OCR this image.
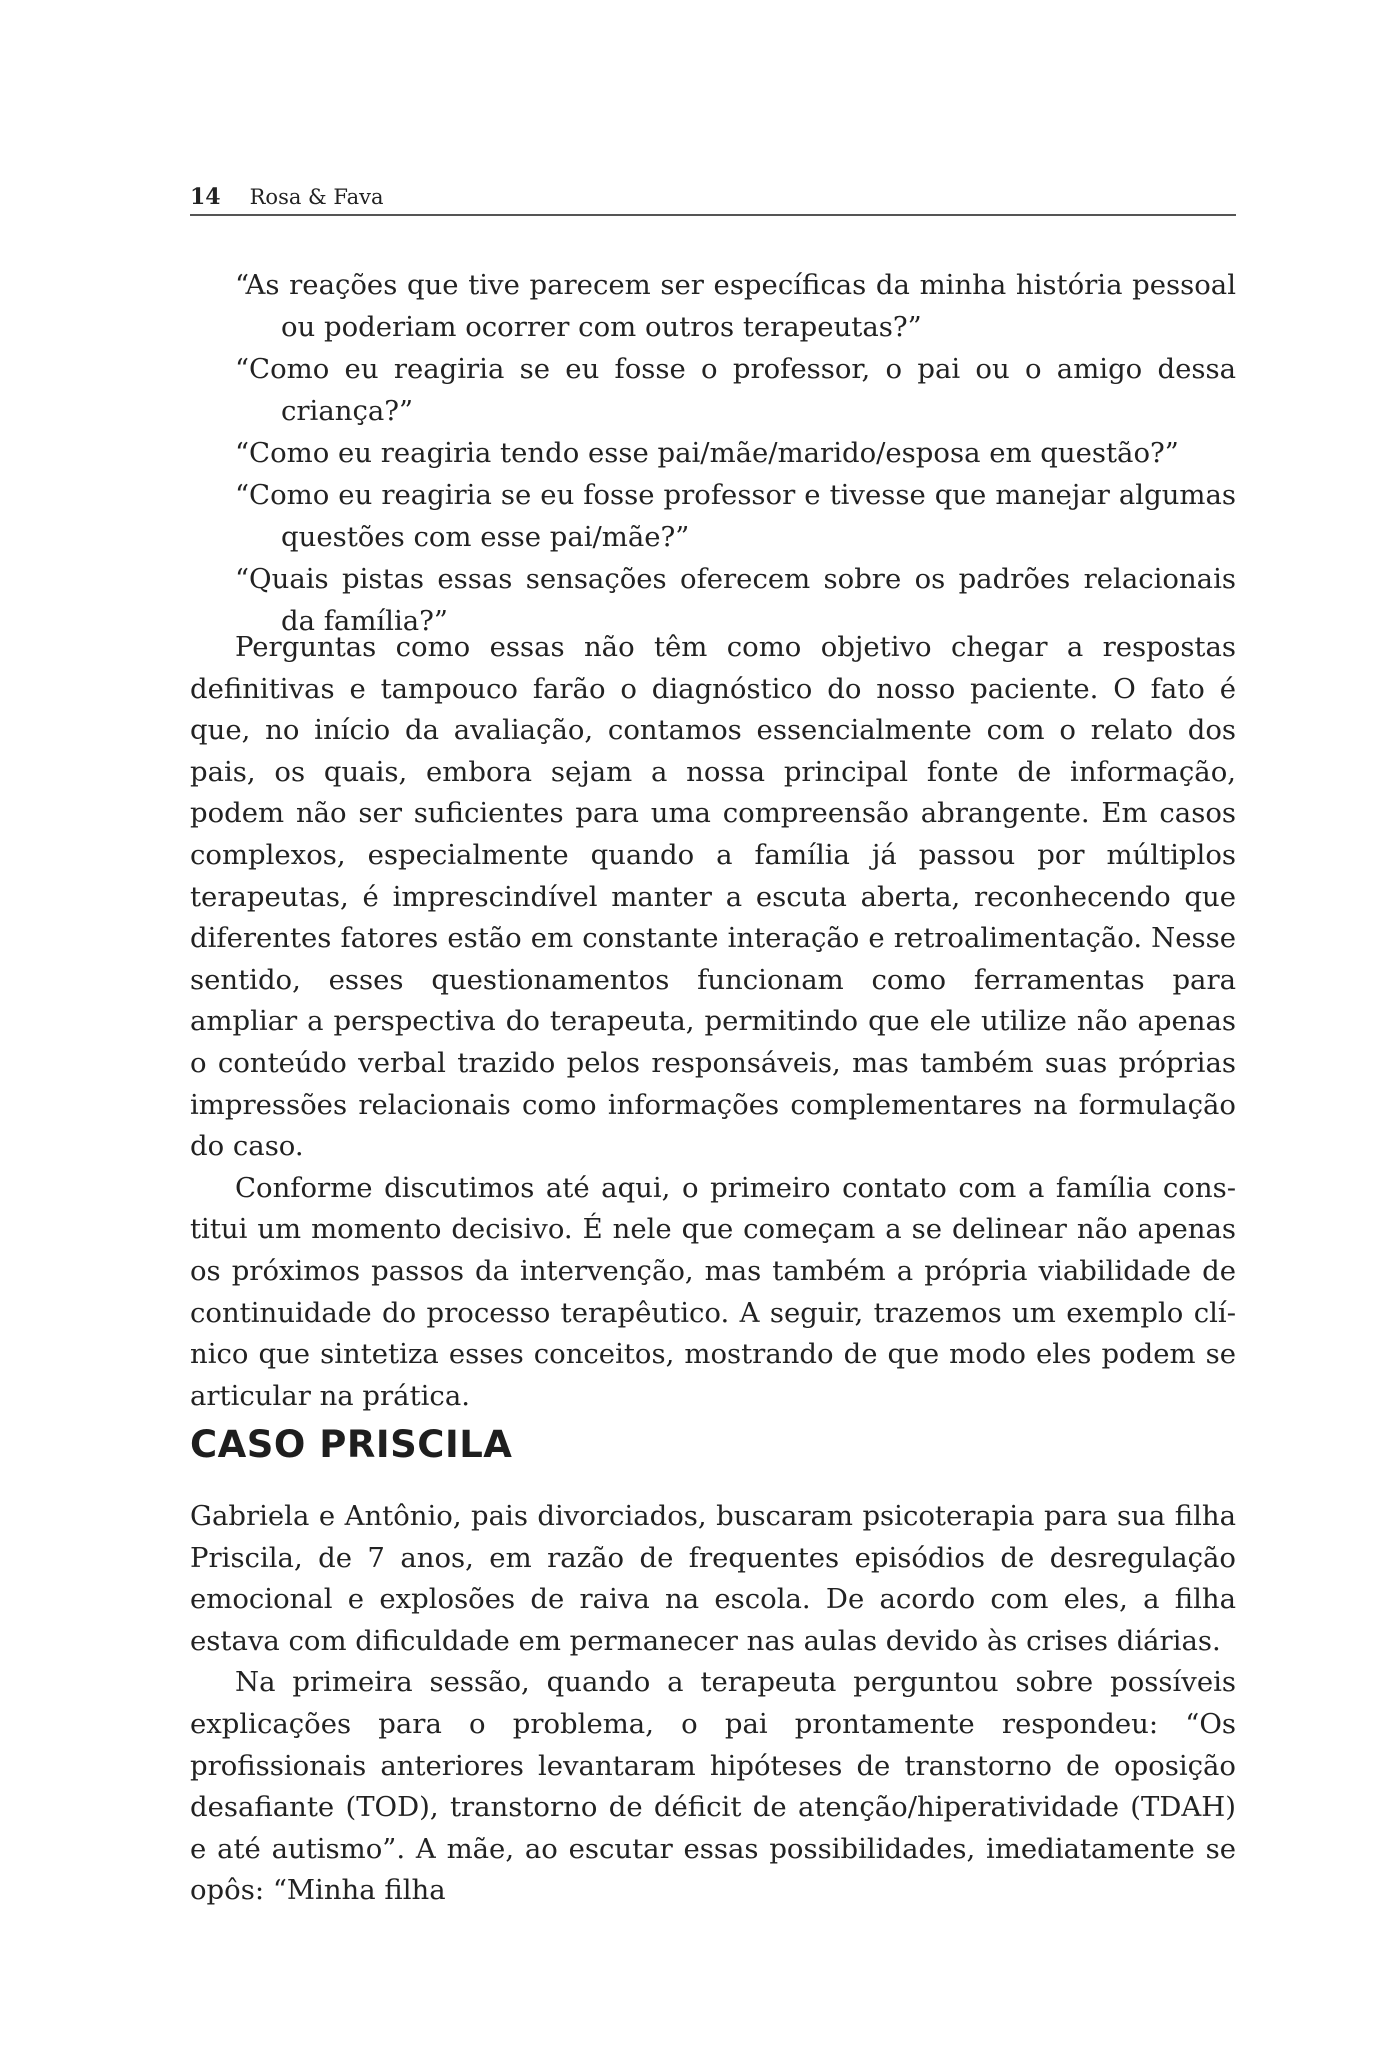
14 Rosa & Fava
“As reações que tive parecem ser específicas da minha história pessoal ou poderiam ocorrer com outros terapeutas?”
“Como eu reagiria se eu fosse o professor, o pai ou o amigo dessa criança?”
“Como eu reagiria tendo esse pai/mãe/marido/esposa em questão?”
“Como eu reagiria se eu fosse professor e tivesse que manejar algumas questões com esse pai/mãe?”
“Quais pistas essas sensações oferecem sobre os padrões relacionais da família?”

Perguntas como essas não têm como objetivo chegar a respostas definitivas e tampouco farão o diagnóstico do nosso paciente. O fato é que, no início da avaliação, contamos essencialmente com o relato dos pais, os quais, embora sejam a nossa principal fonte de informação, podem não ser suficientes para uma compreensão abrangente. Em casos complexos, especialmente quando a família já passou por múltiplos terapeutas, é imprescindível manter a escuta aberta, reconhecendo que diferentes fatores estão em constante interação e retroalimentação. Nesse sentido, esses questionamentos funcionam como ferramentas para ampliar a perspectiva do terapeuta, permitindo que ele utilize não apenas o conteúdo verbal trazido pelos responsáveis, mas também suas próprias impressões relacionais como informações complementares na formulação do caso.

Conforme discutimos até aqui, o primeiro contato com a família constitui um momento decisivo. É nele que começam a se delinear não apenas os próximos passos da intervenção, mas também a própria viabilidade de continuidade do processo terapêutico. A seguir, trazemos um exemplo clínico que sintetiza esses conceitos, mostrando de que modo eles podem se articular na prática.

CASO PRISCILA

Gabriela e Antônio, pais divorciados, buscaram psicoterapia para sua filha Priscila, de 7 anos, em razão de frequentes episódios de desregulação emocional e explosões de raiva na escola. De acordo com eles, a filha estava com dificuldade em permanecer nas aulas devido às crises diárias.

Na primeira sessão, quando a terapeuta perguntou sobre possíveis explicações para o problema, o pai prontamente respondeu: “Os profissionais anteriores levantaram hipóteses de transtorno de oposição desafiante (TOD), transtorno de déficit de atenção/hiperatividade (TDAH) e até autismo”. A mãe, ao escutar essas possibilidades, imediatamente se opôs: “Minha filha
